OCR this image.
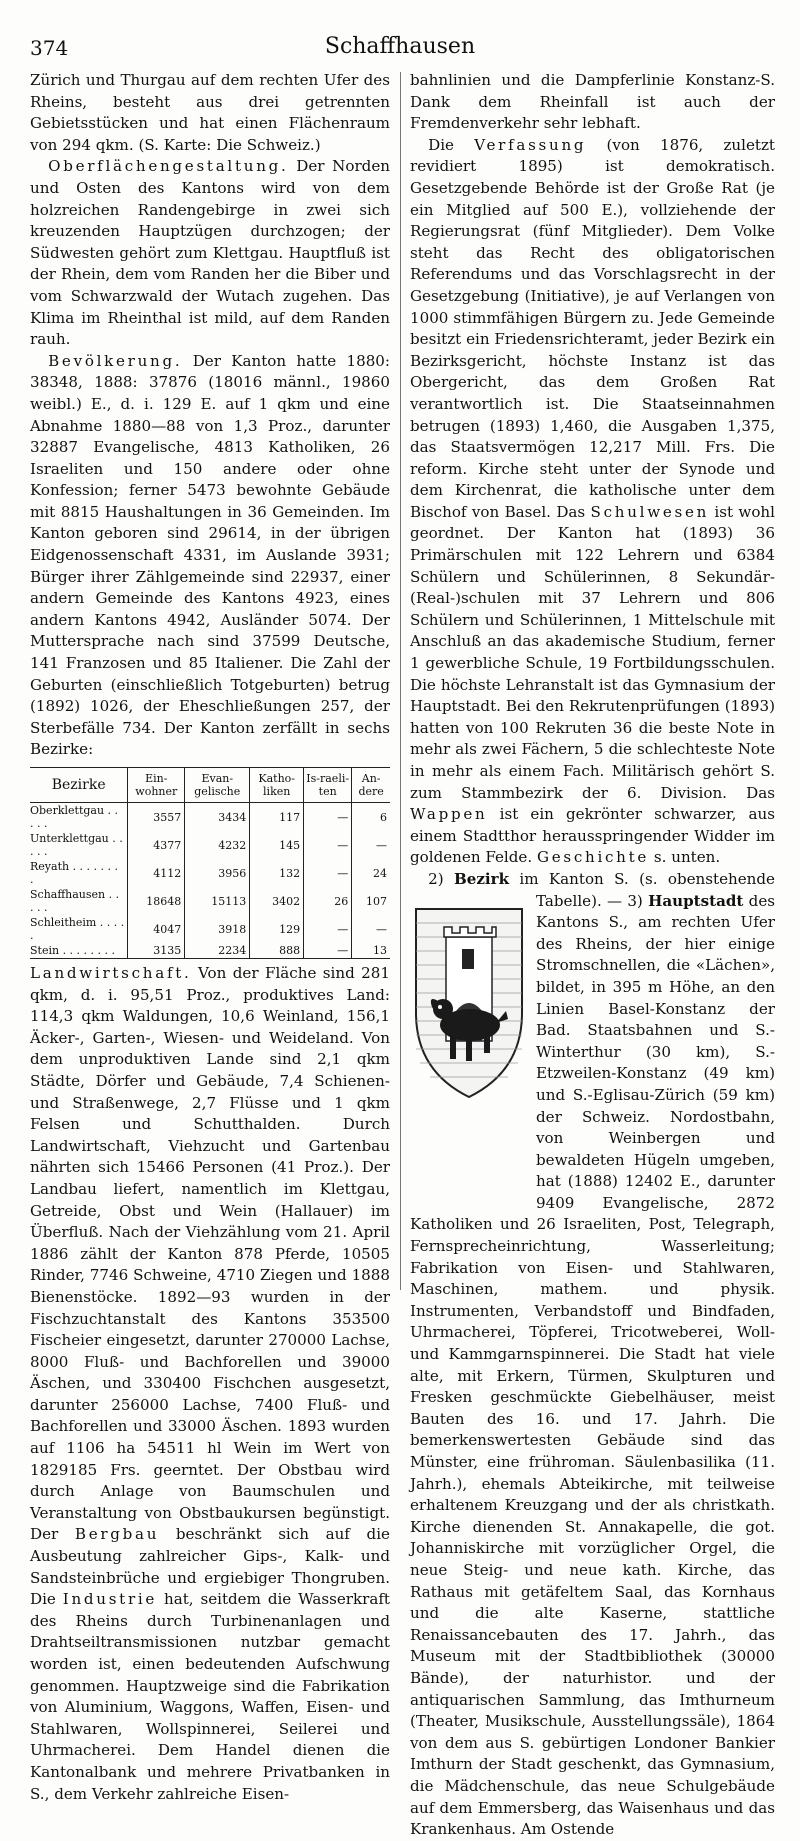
374	Schaffhausen

Zürich und Thurgau auf dem rechten Ufer des Rheins, besteht aus drei getrennten Gebietsstücken und hat einen Flächenraum von 294 qkm. (S. Karte: Die Schweiz.)

Oberflächengestaltung. Der Norden und Osten des Kantons wird von dem holzreichen Randengebirge in zwei sich kreuzenden Hauptzügen durchzogen; der Südwesten gehört zum Klettgau. Hauptfluß ist der Rhein, dem vom Randen her die Biber und vom Schwarzwald der Wutach zugehen. Das Klima im Rheinthal ist mild, auf dem Randen rauh.

Bevölkerung. Der Kanton hatte 1880: 38348, 1888: 37876 (18016 männl., 19860 weibl.) E., d. i. 129 E. auf 1 qkm und eine Abnahme 1880—88 von 1,3 Proz., darunter 32887 Evangelische, 4813 Katholiken, 26 Israeliten und 150 andere oder ohne Konfession; ferner 5473 bewohnte Gebäude mit 8815 Haushaltungen in 36 Gemeinden. Im Kanton geboren sind 29614, in der übrigen Eidgenossenschaft 4331, im Auslande 3931; Bürger ihrer Zählgemeinde sind 22937, einer andern Gemeinde des Kantons 4923, eines andern Kantons 4942, Ausländer 5074. Der Muttersprache nach sind 37599 Deutsche, 141 Franzosen und 85 Italiener. Die Zahl der Geburten (einschließlich Totgeburten) betrug (1892) 1026, der Eheschließungen 257, der Sterbefälle 734. Der Kanton zerfällt in sechs Bezirke:

Bezirke	Ein-wohner	Evan-gelische	Katho-liken	Is-raeli-ten	An-dere
Oberklettgau . . . . .	3557	3434	117	—	6
Unterklettgau . . . . .	4377	4232	145	—	—
Reyath . . . . . . . .	4112	3956	132	—	24
Schaffhausen . . . . .	18648	15113	3402	26	107
Schleitheim . . . . .	4047	3918	129	—	—
Stein . . . . . . . .	3135	2234	888	—	13

Landwirtschaft. Von der Fläche sind 281 qkm, d. i. 95,51 Proz., produktives Land: 114,3 qkm Waldungen, 10,6 Weinland, 156,1 Äcker-, Garten-, Wiesen- und Weideland. Von dem unproduktiven Lande sind 2,1 qkm Städte, Dörfer und Gebäude, 7,4 Schienen- und Straßenwege, 2,7 Flüsse und 1 qkm Felsen und Schutthalden. Durch Landwirtschaft, Viehzucht und Gartenbau nährten sich 15466 Personen (41 Proz.). Der Landbau liefert, namentlich im Klettgau, Getreide, Obst und Wein (Hallauer) im Überfluß. Nach der Viehzählung vom 21. April 1886 zählt der Kanton 878 Pferde, 10505 Rinder, 7746 Schweine, 4710 Ziegen und 1888 Bienenstöcke. 1892—93 wurden in der Fischzuchtanstalt des Kantons 353500 Fischeier eingesetzt, darunter 270000 Lachse, 8000 Fluß- und Bachforellen und 39000 Äschen, und 330400 Fischchen ausgesetzt, darunter 256000 Lachse, 7400 Fluß- und Bachforellen und 33000 Äschen. 1893 wurden auf 1106 ha 54511 hl Wein im Wert von 1829185 Frs. geerntet. Der Obstbau wird durch Anlage von Baumschulen und Veranstaltung von Obstbaukursen begünstigt. Der Bergbau beschränkt sich auf die Ausbeutung zahlreicher Gips-, Kalk- und Sandsteinbrüche und ergiebiger Thongruben. Die Industrie hat, seitdem die Wasserkraft des Rheins durch Turbinenanlagen und Drahtseiltransmissionen nutzbar gemacht worden ist, einen bedeutenden Aufschwung genommen. Hauptzweige sind die Fabrikation von Aluminium, Waggons, Waffen, Eisen- und Stahlwaren, Wollspinnerei, Seilerei und Uhrmacherei. Dem Handel dienen die Kantonalbank und mehrere Privatbanken in S., dem Verkehr zahlreiche Eisen-

bahnlinien und die Dampferlinie Konstanz-S. Dank dem Rheinfall ist auch der Fremdenverkehr sehr lebhaft.

Die Verfassung (von 1876, zuletzt revidiert 1895) ist demokratisch. Gesetzgebende Behörde ist der Große Rat (je ein Mitglied auf 500 E.), vollziehende der Regierungsrat (fünf Mitglieder). Dem Volke steht das Recht des obligatorischen Referendums und das Vorschlagsrecht in der Gesetzgebung (Initiative), je auf Verlangen von 1000 stimmfähigen Bürgern zu. Jede Gemeinde besitzt ein Friedensrichteramt, jeder Bezirk ein Bezirksgericht, höchste Instanz ist das Obergericht, das dem Großen Rat verantwortlich ist. Die Staatseinnahmen betrugen (1893) 1,460, die Ausgaben 1,375, das Staatsvermögen 12,217 Mill. Frs. Die reform. Kirche steht unter der Synode und dem Kirchenrat, die katholische unter dem Bischof von Basel. Das Schulwesen ist wohl geordnet. Der Kanton hat (1893) 36 Primärschulen mit 122 Lehrern und 6384 Schülern und Schülerinnen, 8 Sekundär-(Real-)schulen mit 37 Lehrern und 806 Schülern und Schülerinnen, 1 Mittelschule mit Anschluß an das akademische Studium, ferner 1 gewerbliche Schule, 19 Fortbildungsschulen. Die höchste Lehranstalt ist das Gymnasium der Hauptstadt. Bei den Rekrutenprüfungen (1893) hatten von 100 Rekruten 36 die beste Note in mehr als zwei Fächern, 5 die schlechteste Note in mehr als einem Fach. Militärisch gehört S. zum Stammbezirk der 6. Division. Das Wappen ist ein gekrönter schwarzer, aus einem Stadtthor herausspringender Widder im goldenen Felde. Geschichte s. unten.

2) Bezirk im Kanton S. (s. obenstehende Tabelle). — 3) Hauptstadt des Kantons S., am rechten Ufer des Rheins, der hier einige Stromschnellen, die «Lächen», bildet, in 395 m Höhe, an den Linien Basel-Konstanz der Bad. Staatsbahnen und S.-Winterthur (30 km), S.-Etzweilen-Konstanz (49 km) und S.-Eglisau-Zürich (59 km) der Schweiz. Nordostbahn, von Weinbergen und bewaldeten Hügeln umgeben, hat (1888) 12402 E., darunter 9409 Evangelische, 2872 Katholiken und 26 Israeliten, Post, Telegraph, Fernsprecheinrichtung, Wasserleitung; Fabrikation von Eisen- und Stahlwaren, Maschinen, mathem. und physik. Instrumenten, Verbandstoff und Bindfaden, Uhrmacherei, Töpferei, Tricotweberei, Woll- und Kammgarnspinnerei. Die Stadt hat viele alte, mit Erkern, Türmen, Skulpturen und Fresken geschmückte Giebelhäuser, meist Bauten des 16. und 17. Jahrh. Die bemerkenswertesten Gebäude sind das Münster, eine frühroman. Säulenbasilika (11. Jahrh.), ehemals Abteikirche, mit teilweise erhaltenem Kreuzgang und der als christkath. Kirche dienenden St. Annakapelle, die got. Johanniskirche mit vorzüglicher Orgel, die neue Steig- und neue kath. Kirche, das Rathaus mit getäfeltem Saal, das Kornhaus und die alte Kaserne, stattliche Renaissancebauten des 17. Jahrh., das Museum mit der Stadtbibliothek (30000 Bände), der naturhistor. und der antiquarischen Sammlung, das Imthurneum (Theater, Musikschule, Ausstellungssäle), 1864 von dem aus S. gebürtigen Londoner Bankier Imthurn der Stadt geschenkt, das Gymnasium, die Mädchenschule, das neue Schulgebäude auf dem Emmersberg, das Waisenhaus und das Krankenhaus. Am Ostende
